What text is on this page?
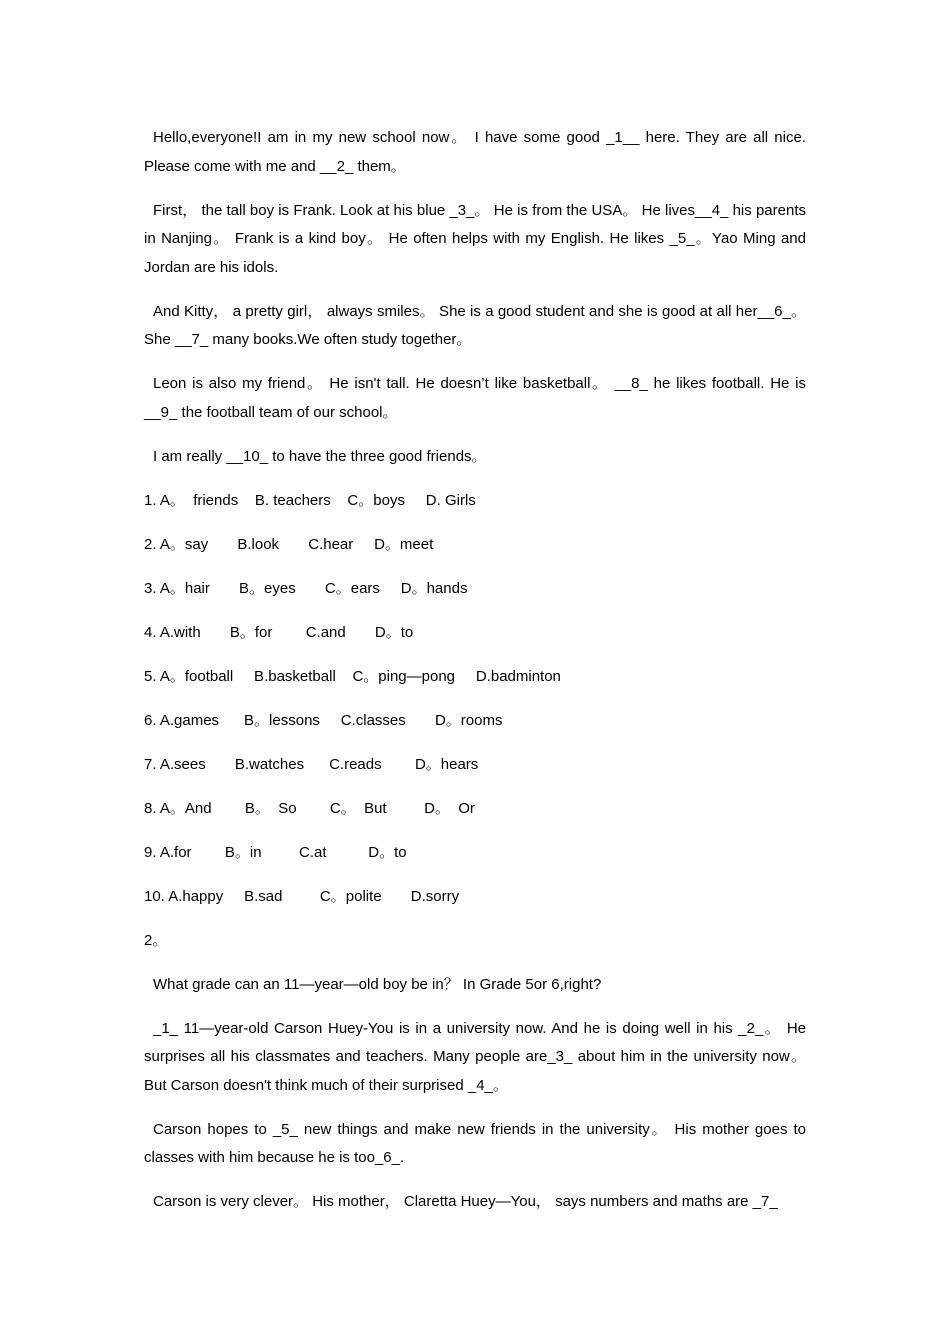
Hello,everyone!I am in my new school now。 I have some good _1__ here. They are all nice. Please come with me and __2_ them。

First， the tall boy is Frank. Look at his blue _3_。 He is from the USA。 He lives__4_ his parents in Nanjing。 Frank is a kind boy。 He often helps with my English. He likes _5_。Yao Ming and Jordan are his idols.

And Kitty， a pretty girl， always smiles。 She is a good student and she is good at all her__6_。 She __7_ many books.We often study together。

Leon is also my friend。 He isn't tall. He doesn’t like basketball。 __8_ he likes football. He is __9_ the football team of our school。

I am really __10_ to have the three good friends。

1. A。  friends    B. teachers    C。boys     D. Girls

2. A。say       B.look       C.hear     D。meet

3. A。hair       B。eyes       C。ears     D。hands

4. A.with       B。for        C.and       D。to

5. A。football     B.basketball    C。ping—pong     D.badminton

6. A.games      B。lessons     C.classes       D。rooms

7. A.sees       B.watches      C.reads        D。hears

8. A。And        B。  So        C。  But         D。  Or

9. A.for        B。in         C.at          D。to

10. A.happy     B.sad         C。polite       D.sorry

2。

What grade can an 11—year—old boy be in？ In Grade 5or 6,right?

_1_ 11—year-old Carson Huey-You is in a university now. And he is doing well in his _2_。 He surprises all his classmates and teachers. Many people are_3_ about him in the university now。But Carson doesn't think much of their surprised _4_。

Carson hopes to _5_ new things and make new friends in the university。 His mother goes to classes with him because he is too_6_.

Carson is very clever。 His mother， Claretta Huey—You， says numbers and maths are _7_
